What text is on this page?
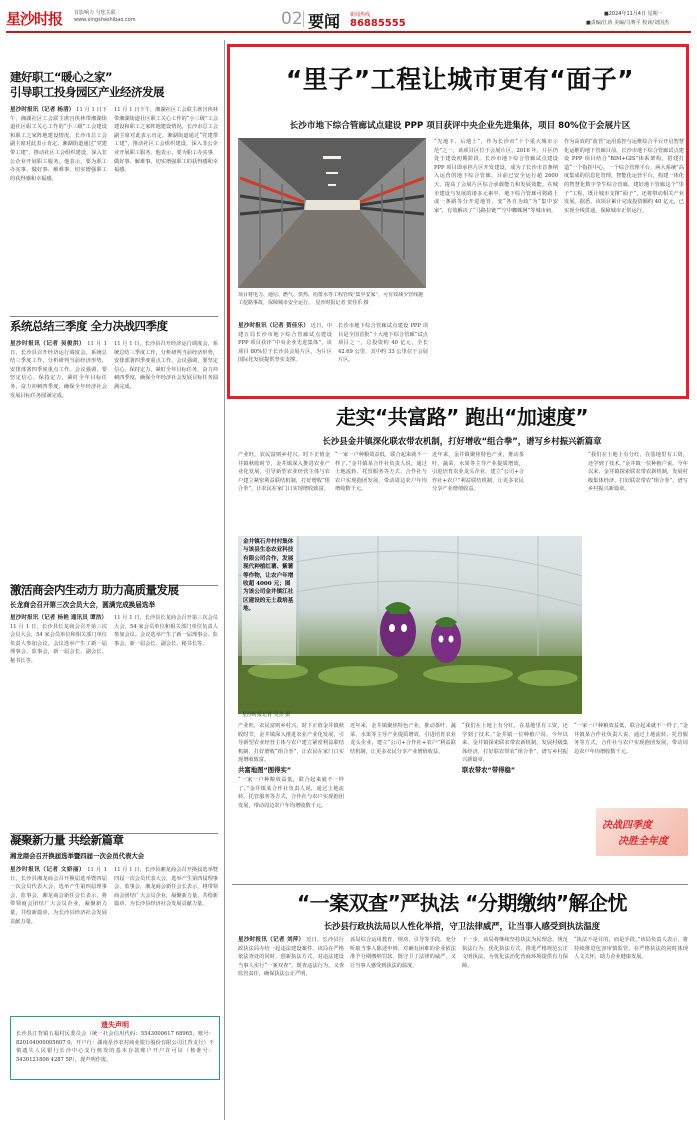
星沙时报 有影响力 与您关联
www.xingshashibao.com	02 要闻 新闻热线
86885555
■2024年11月4日 星期一
■责编/江涛 美编/马赛平 校读/刘国杰
建好职工“暖心之家”
引导职工投身园区产业经济发展
星沙时报讯（记者 杨清） 11 月 1 日下午，湘湖社区工会联主席宫侠林带湘湖街道社区职工关心工作的“小三级”工会建设和职工之家阵地建设情况。长沙市总工会副主席对此表示肯定。湘湖街道通过“党建带工建”，推动社区工会组织建设，深入非公企业开展职工服务。他表示，要为职工办实事、做好事、解难事，切实增强职工的获得感和幸福感。
11 月 1 日下午，湘湖社区工会联主席宫侠林带湘湖街道社区职工关心工作的“小三级”工会建设和职工之家阵地建设情况。长沙市总工会副主席对此表示肯定。湘湖街道通过“党建带工建”，推动社区工会组织建设，深入非公企业开展职工服务。他表示，要为职工办实事、做好事、解难事，切实增强职工的获得感和幸福感。
系统总结三季度 全力决战四季度
星沙时报讯（记者 吴俊洪） 11 月 1 日，长沙县召开经济运行调度会，系统总结三季度工作，分析研判当前经济形势，安排部署四季度重点工作。会议强调，要坚定信心、保持定力，紧盯全年目标任务，奋力冲刺四季度，确保全年经济社会发展目标任务圆满完成。
11 月 1 日，长沙县召开经济运行调度会，系统总结三季度工作，分析研判当前经济形势，安排部署四季度重点工作。会议强调，要坚定信心、保持定力，紧盯全年目标任务，奋力冲刺四季度，确保全年经济社会发展目标任务圆满完成。
激活商会内生动力 助力高质量发展
长龙商会召开第三次会员大会，圆满完成换届选举
星沙时报讯（记者 杨艳 通讯员 谭浩） 11 月 1 日，长沙县长龙商会召开第三次会员大会，54 家会员单位和相关部门单位负责人参加会议。会议选举产生了新一届理事会、监事会，新一届会长、副会长、秘书长等。
11 月 1 日，长沙县长龙商会召开第三次会员大会，54 家会员单位和相关部门单位负责人参加会议。会议选举产生了新一届理事会、监事会，新一届会长、副会长、秘书长等。
凝聚新力量 共绘新篇章
湘龙商会召开换届选举暨四届一次会员代表大会
星沙时报讯（记者 文娇丽） 11 月 1 日，长沙县湘龙商会召开换届选举暨四届一次会员代表大会，选举产生第四届理事会、监事会，湘龙商会新任会长表示，将带领商会团结广大会员企业，凝聚新力量，共绘新篇章，为长沙县经济社会发展贡献力量。
11 月 1 日，长沙县湘龙商会召开换届选举暨四届一次会员代表大会，选举产生第四届理事会、监事会，湘龙商会新任会长表示，将带领商会团结广大会员企业，凝聚新力量，共绘新篇章，为长沙县经济社会发展贡献力量。
遗失声明
长沙县江背镇五福村民委员会（统一社会信用代码：5543000617 68965，账号：820104000005607 0，开户行：湖南星沙农村商业银行股份有限公司江背支行）不慎遗失人民银行长沙中心支行核发的基本存款账户开户许可证（核准号：5430121806 4287 5P），现声明作废。
“里子”工程让城市更有“面子”
长沙市地下综合管廊试点建设 PPP 项目获评中央企业先进集体，项目 80%位于会展片区
项目将电力、通信、燃气、供热、给排水等工程管线“集中安家”，可有效减少管线施工挖路事故，保障城市安全运行。　星沙时报记者 贺佳乐 摄
星沙时报讯（记者 贺佳乐） 近日，中建五局长沙市地下综合管廊试点建设 PPP 项目获评“中央企业先进集体”，该项目 80%位于长沙县会展片区，为片区国际化发展提供坚实支撑。
长沙市地下综合管廊试点建设 PPP 项目是全国首批“十大地下综合管廊”试点项目之一，总投资约 40 亿元，全长 42.69 公里，其中约 33 公里位于会展片区。
“先地下、后地上”，作为长沙市“十个重大城市示范”之一，该项目区位于会展片区，2016 年，片区仍处于建设初期阶段。长沙市地下综合管廊试点建设 PPP 项目即承担片区开发建设，成为了长沙市首条纳入运营的地下综合管廊。目前已安全运行超 2600 天，提高了会展片区综合承载能力和发展效能。在城市建设与发展的诸多元素中，地下综合管廊可将路上或一条路等分开进地管，变“各自为政”为“集中安家”，有效解决了“马路拉链”“空中蜘蛛网”等城市病。
作为高效的“血管”运用监控与运维综合平台开启智慧化运维的地下管廊目前，长沙市地下综合管廊试点建设 PPP 项目结合“BIM+GIS”体系架构，搭建打造“一个指挥中心，一个综合管理平台，两大系统”高度集成的信息化管理，智能化运营平台，构建一体化的智慧化数字孪生综合管廊。建好地下管廊这个“里子”工程，既让城市支撑“面子”，还将带动相关产业发展。据悉，该项目累计完成投资额约 40 亿元，已实现全线贯通，保障城市正常运行。
走实“共富路” 跑出“加速度”
长沙县金井镇深化联农带农机制，打好增收“组合拳”，谱写乡村振兴新篇章
产业旺，农民富则乡村兴。时下正值金井镇秋收时节，金井镇深入推进农业产业化发展，引导新型农业经营主体与农户建立紧密利益联结机制，打好增收“组合拳”，让农民在家门口实现增收致富。
“一家一户种粮效益低，联合起来就不一样了。”金井镇某合作社负责人说，通过土地流转、托管服务等方式，合作社与农户实现抱团发展，带动周边农户年均增收数千元。
近年来，金井镇聚焦特色产业，推动茶叶、蔬菜、水果等主导产业提质增效，引进培育农业龙头企业，建立“公司+合作社+农户”利益联结机制，让更多农民分享产业增值收益。
金井镇石井村村集体与该县生态农业科技有限公司合作，发展现代种植红薯、紫薯等作物，让农户年增收超 4000 元；图为该公司金井镇江社区建设的无土栽培基地。
星沙时报记者 吴杰 摄
“我们在土地上有分红，在基地里有工资，还学到了技术。”金井镇一位种植户说。今年以来，金井镇探索联农带农新机制，发展村级集体经济，打好联农带农“组合拳”，谱写乡村振兴新篇章。
产业旺，农民富则乡村兴。时下正值金井镇秋收时节，金井镇深入推进农业产业化发展，引导新型农业经营主体与农户建立紧密利益联结机制，打好增收“组合拳”，让农民在家门口实现增收致富。
共富地图“图得实”
“一家一户种粮效益低，联合起来就不一样了。”金井镇某合作社负责人说，通过土地流转、托管服务等方式，合作社与农户实现抱团发展，带动周边农户年均增收数千元。
近年来，金井镇聚焦特色产业，推动茶叶、蔬菜、水果等主导产业提质增效，引进培育农业龙头企业，建立“公司+合作社+农户”利益联结机制，让更多农民分享产业增值收益。
“我们在土地上有分红，在基地里有工资，还学到了技术。”金井镇一位种植户说。今年以来，金井镇探索联农带农新机制，发展村级集体经济，打好联农带农“组合拳”，谱写乡村振兴新篇章。
联农带农“带得稳”
决战四季度
决胜全年度
“一家一户种粮效益低，联合起来就不一样了。”金井镇某合作社负责人说，通过土地流转、托管服务等方式，合作社与农户实现抱团发展，带动周边农户年均增收数千元。
“一案双查”严执法 “分期缴纳”解企忧
长沙县行政执法局以人性化举措，守卫法律威严，让当事人感受到执法温度
星沙时报讯（记者 刘萍） 近日，长沙县行政执法局办结一起违法建设案件，该局在严格依法查处的同时，创新执法方式，对违法建设当事人实行“一案双查”，既查违法行为，又查监管责任，确保执法公正严明。
该局综合运用教育、规劝、引导等手段，充分听取当事人陈述申辩，对确有困难的企业依法准予分期缴纳罚款，既守卫了法律的威严，又让当事人感受到执法的温度。
下一步，该局将继续坚持执法为民理念，规范执法行为，优化执法方式，推进严格规范公正文明执法，为优化法治化营商环境提供有力保障。
“执法不是目的，而是手段。”该局负责人表示，将持续推进包容审慎监管，在严格执法的同时体现人文关怀，助力企业健康发展。
